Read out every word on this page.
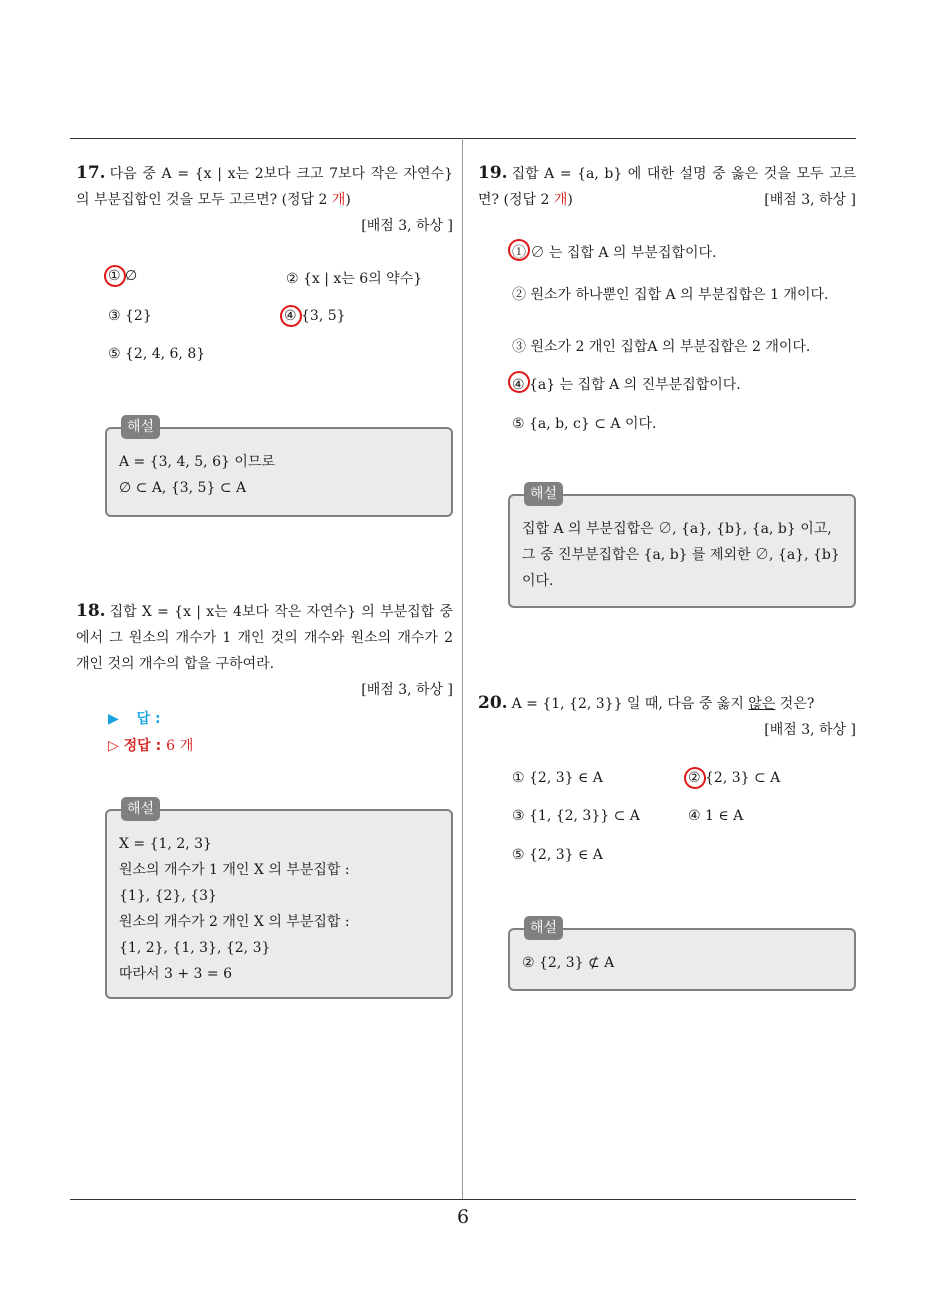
17. 다음 중 A = {x | x는 2보다 크고 7보다 작은 자연수} 의 부분집합인 것을 모두 고르면? (정답 2 개)
[배점 3, 하상 ]
① ∅	② {x | x는 6의 약수}
③ {2}	④ {3, 5}
⑤ {2, 4, 6, 8}
해설
A = {3, 4, 5, 6} 이므로
∅ ⊂ A, {3, 5} ⊂ A
18. 집합 X = {x | x는 4보다 작은 자연수} 의 부분집합 중에서 그 원소의 개수가 1 개인 것의 개수와 원소의 개수가 2 개인 것의 개수의 합을 구하여라.
[배점 3, 하상 ]
▶ 답 :
▷ 정답 : 6 개
해설
X = {1, 2, 3}
원소의 개수가 1 개인 X 의 부분집합 :
{1}, {2}, {3}
원소의 개수가 2 개인 X 의 부분집합 :
{1, 2}, {1, 3}, {2, 3}
따라서 3 + 3 = 6
19. 집합 A = {a, b} 에 대한 설명 중 옳은 것을 모두 고르면? (정답 2 개)	[배점 3, 하상 ]
① ∅ 는 집합 A 의 부분집합이다.
② 원소가 하나뿐인 집합 A 의 부분집합은 1 개이다.
③ 원소가 2 개인 집합A 의 부분집합은 2 개이다.
④ {a} 는 집합 A 의 진부분집합이다.
⑤ {a, b, c} ⊂ A 이다.
해설
집합 A 의 부분집합은 ∅, {a}, {b}, {a, b} 이고, 그 중 진부분집합은 {a, b} 를 제외한 ∅, {a}, {b} 이다.
20. A = {1, {2, 3}} 일 때, 다음 중 옳지 않은 것은?
[배점 3, 하상 ]
① {2, 3} ∈ A	② {2, 3} ⊂ A
③ {1, {2, 3}} ⊂ A	④ 1 ∈ A
⑤ {2, 3} ∈ A
해설
② {2, 3} ⊄ A
6
